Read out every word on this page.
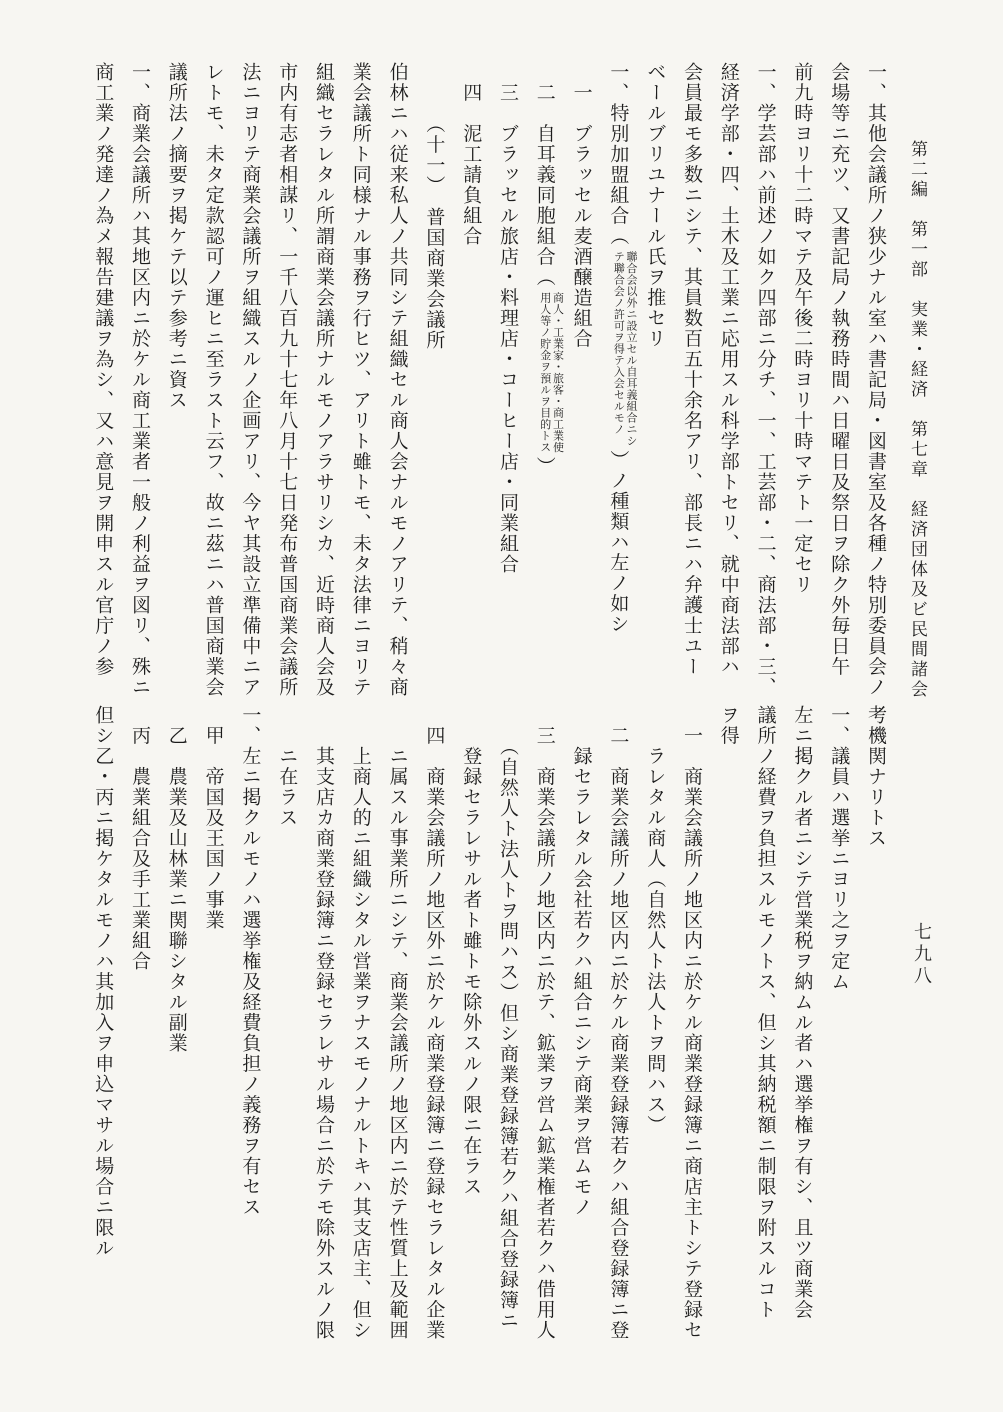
第二編　第一部　実業・経済　第七章　経済団体及ビ民間諸会
七九八
一、其他会議所ノ狭少ナル室ハ書記局・図書室及各種ノ特別委員会ノ
会場等ニ充ツ、又書記局ノ執務時間ハ日曜日及祭日ヲ除ク外毎日午
前九時ヨリ十二時マテ及午後二時ヨリ十時マテト一定セリ
一、学芸部ハ前述ノ如ク四部ニ分チ、一、工芸部・二、商法部・三、
経済学部・四、土木及工業ニ応用スル科学部トセリ、就中商法部ハ
会員最モ多数ニシテ、其員数百五十余名アリ、部長ニハ弁護士ユー
ベールブリユナール氏ヲ推セリ
一、特別加盟組合（
聯合会以外ニ設立セル自耳義組合ニシ
テ聯合会ノ許可ヲ得テ入会セルモノ
）ノ種類ハ左ノ如シ
　一　ブラッセル麦酒醸造組合
　二　自耳義同胞組合（
商人・工業家・旅客・商工業使
用人等ノ貯金ヲ預ルヲ目的トス
）
　三　ブラッセル旅店・料理店・コーヒー店・同業組合
　四　泥工請負組合
　　　（十一）　普国商業会議所
伯林ニハ従来私人ノ共同シテ組織セル商人会ナルモノアリテ、稍々商
業会議所ト同様ナル事務ヲ行ヒツ、アリト雖トモ、未タ法律ニヨリテ
組織セラレタル所謂商業会議所ナルモノアラサリシカ、近時商人会及
市内有志者相謀リ、一千八百九十七年八月十七日発布普国商業会議所
法ニヨリテ商業会議所ヲ組織スルノ企画アリ、今ヤ其設立準備中ニア
レトモ、未タ定款認可ノ運ヒニ至ラスト云フ、故ニ茲ニハ普国商業会
議所法ノ摘要ヲ掲ケテ以テ参考ニ資ス
一、商業会議所ハ其地区内ニ於ケル商工業者一般ノ利益ヲ図リ、殊ニ
商工業ノ発達ノ為メ報告建議ヲ為シ、又ハ意見ヲ開申スル官庁ノ参
考機関ナリトス
一、議員ハ選挙ニヨリ之ヲ定ム
左ニ掲クル者ニシテ営業税ヲ納ムル者ハ選挙権ヲ有シ、且ツ商業会
議所ノ経費ヲ負担スルモノトス、但シ其納税額ニ制限ヲ附スルコト
ヲ得
　一　商業会議所ノ地区内ニ於ケル商業登録簿ニ商店主トシテ登録セ
　　ラレタル商人（自然人ト法人トヲ問ハス）
　二　商業会議所ノ地区内ニ於ケル商業登録簿若クハ組合登録簿ニ登
　　録セラレタル会社若クハ組合ニシテ商業ヲ営ムモノ
　三　商業会議所ノ地区内ニ於テ、鉱業ヲ営ム鉱業権者若クハ借用人
　　（自然人ト法人トヲ問ハス）但シ商業登録簿若クハ組合登録簿ニ
　　登録セラレサル者ト雖トモ除外スルノ限ニ在ラス
　四　商業会議所ノ地区外ニ於ケル商業登録簿ニ登録セラレタル企業
　　ニ属スル事業所ニシテ、商業会議所ノ地区内ニ於テ性質上及範囲
　　上商人的ニ組織シタル営業ヲナスモノナルトキハ其支店主、但シ
　　其支店カ商業登録簿ニ登録セラレサル場合ニ於テモ除外スルノ限
　　ニ在ラス
一、左ニ掲クルモノハ選挙権及経費負担ノ義務ヲ有セス
　甲　帝国及王国ノ事業
　乙　農業及山林業ニ関聯シタル副業
　丙　農業組合及手工業組合
但シ乙・丙ニ掲ケタルモノハ其加入ヲ申込マサル場合ニ限ル
